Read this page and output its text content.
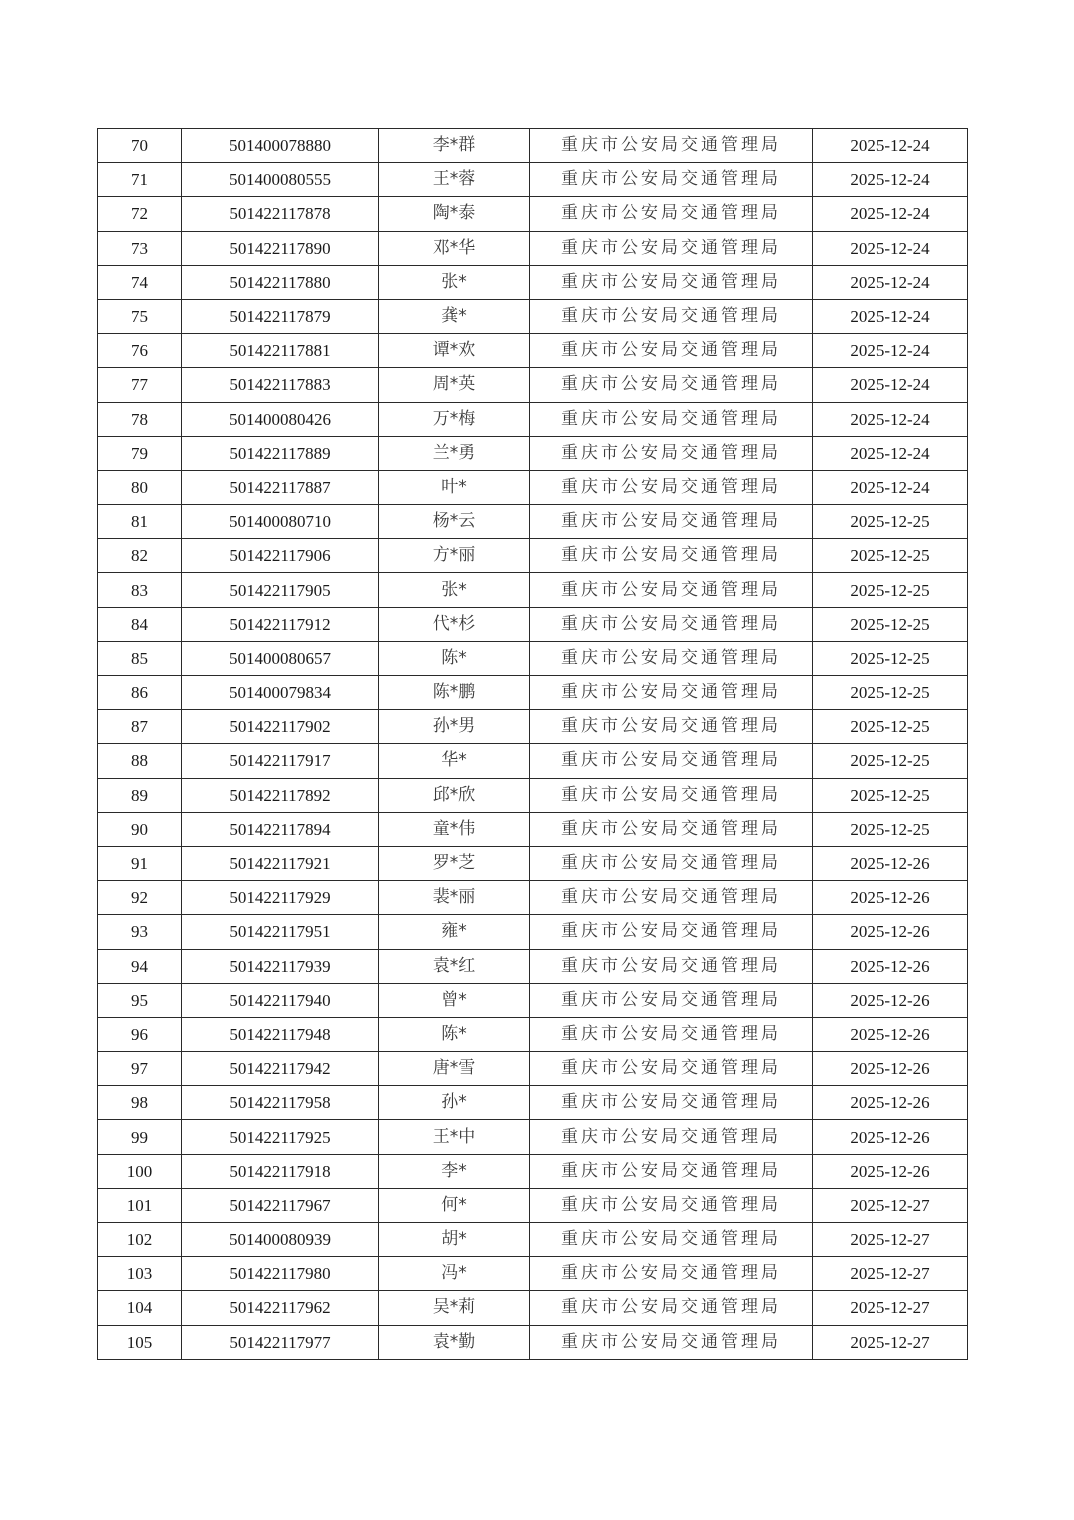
70	501400078880	李*群	重庆市公安局交通管理局	2025-12-24
71	501400080555	王*蓉	重庆市公安局交通管理局	2025-12-24
72	501422117878	陶*泰	重庆市公安局交通管理局	2025-12-24
73	501422117890	邓*华	重庆市公安局交通管理局	2025-12-24
74	501422117880	张*	重庆市公安局交通管理局	2025-12-24
75	501422117879	龚*	重庆市公安局交通管理局	2025-12-24
76	501422117881	谭*欢	重庆市公安局交通管理局	2025-12-24
77	501422117883	周*英	重庆市公安局交通管理局	2025-12-24
78	501400080426	万*梅	重庆市公安局交通管理局	2025-12-24
79	501422117889	兰*勇	重庆市公安局交通管理局	2025-12-24
80	501422117887	叶*	重庆市公安局交通管理局	2025-12-24
81	501400080710	杨*云	重庆市公安局交通管理局	2025-12-25
82	501422117906	方*丽	重庆市公安局交通管理局	2025-12-25
83	501422117905	张*	重庆市公安局交通管理局	2025-12-25
84	501422117912	代*杉	重庆市公安局交通管理局	2025-12-25
85	501400080657	陈*	重庆市公安局交通管理局	2025-12-25
86	501400079834	陈*鹏	重庆市公安局交通管理局	2025-12-25
87	501422117902	孙*男	重庆市公安局交通管理局	2025-12-25
88	501422117917	华*	重庆市公安局交通管理局	2025-12-25
89	501422117892	邱*欣	重庆市公安局交通管理局	2025-12-25
90	501422117894	童*伟	重庆市公安局交通管理局	2025-12-25
91	501422117921	罗*芝	重庆市公安局交通管理局	2025-12-26
92	501422117929	裴*丽	重庆市公安局交通管理局	2025-12-26
93	501422117951	雍*	重庆市公安局交通管理局	2025-12-26
94	501422117939	袁*红	重庆市公安局交通管理局	2025-12-26
95	501422117940	曾*	重庆市公安局交通管理局	2025-12-26
96	501422117948	陈*	重庆市公安局交通管理局	2025-12-26
97	501422117942	唐*雪	重庆市公安局交通管理局	2025-12-26
98	501422117958	孙*	重庆市公安局交通管理局	2025-12-26
99	501422117925	王*中	重庆市公安局交通管理局	2025-12-26
100	501422117918	李*	重庆市公安局交通管理局	2025-12-26
101	501422117967	何*	重庆市公安局交通管理局	2025-12-27
102	501400080939	胡*	重庆市公安局交通管理局	2025-12-27
103	501422117980	冯*	重庆市公安局交通管理局	2025-12-27
104	501422117962	吴*莉	重庆市公安局交通管理局	2025-12-27
105	501422117977	袁*勤	重庆市公安局交通管理局	2025-12-27
